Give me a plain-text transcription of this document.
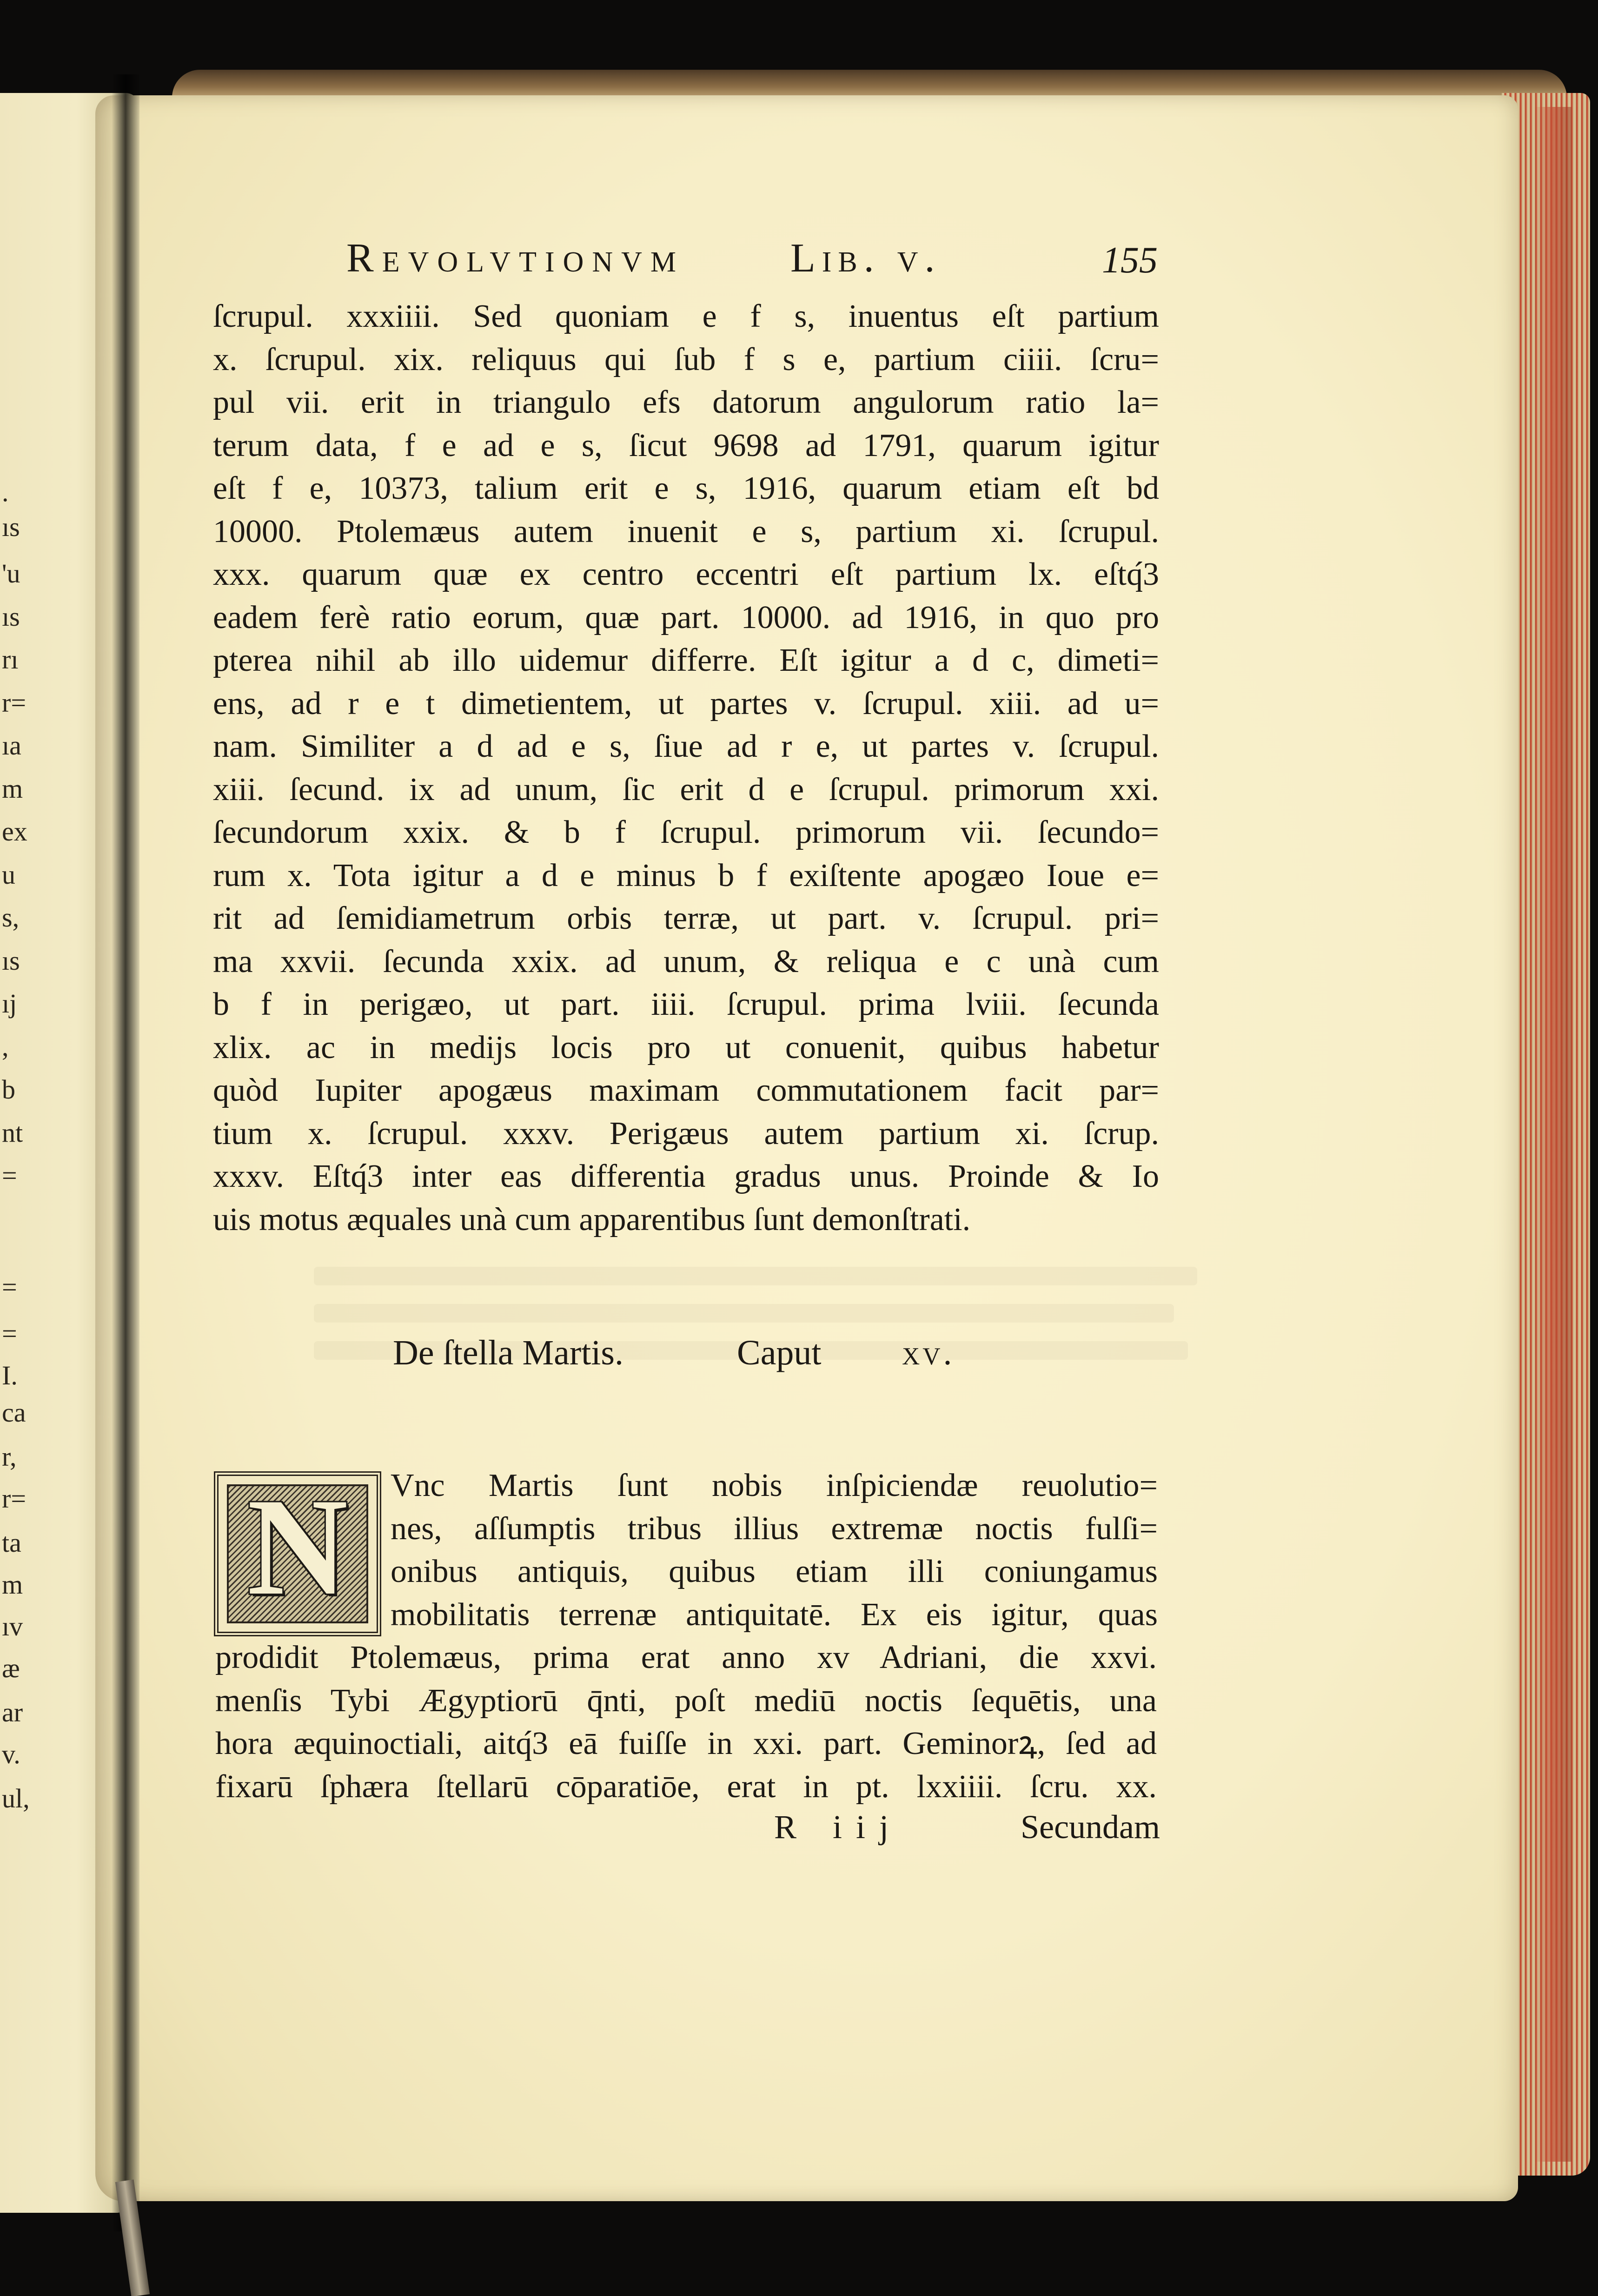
.
ıs
'u
ıs
rı
r=
ıa
m
ex
u
s,
ıs
ıj
,
b
nt
=
=
=
I.
ca
r,
r=
ta
m
ıv
æ
ar
v.
ul,
Revolvtionvm	Lib. v.	155
ſcrupul. xxxiiii. Sed quoniam e f s, inuentus eſt partium
x. ſcrupul. xix. reliquus qui ſub f s e, partium ciiii. ſcru=
pul vii. erit in triangulo efs datorum angulorum ratio la=
terum data, f e ad e s, ſicut 9698 ad 1791, quarum igitur
eſt f e, 10373, talium erit e s, 1916, quarum etiam eſt bd
10000. Ptolemæus autem inuenit e s, partium xi. ſcrupul.
xxx. quarum quæ ex centro eccentri eſt partium lx. eſtq́3
eadem ferè ratio eorum, quæ part. 10000. ad 1916, in quo pro
pterea nihil ab illo uidemur differre. Eſt igitur a d c, dimeti=
ens, ad r e t dimetientem, ut partes v. ſcrupul. xiii. ad u=
nam. Similiter a d ad e s, ſiue ad r e, ut partes v. ſcrupul.
xiii. ſecund. ix ad unum, ſic erit d e ſcrupul. primorum xxi.
ſecundorum xxix. & b f ſcrupul. primorum vii. ſecundo=
rum x. Tota igitur a d e minus b f exiſtente apogæo Ioue e=
rit ad ſemidiametrum orbis terræ, ut part. v. ſcrupul. pri=
ma xxvii. ſecunda xxix. ad unum, & reliqua e c unà cum
b f in perigæo, ut part. iiii. ſcrupul. prima lviii. ſecunda
xlix. ac in medijs locis pro ut conuenit, quibus habetur
quòd Iupiter apogæus maximam commutationem facit par=
tium x. ſcrupul. xxxv. Perigæus autem partium xi. ſcrup.
xxxv. Eſtq́3 inter eas differentia gradus unus. Proinde & Io
uis motus æquales unà cum apparentibus ſunt demonſtrati.
De ſtella Martis.	Caput xv.
N	Vnc Martis ſunt nobis inſpiciendæ reuolutio=
nes, aſſumptis tribus illius extremæ noctis fulſi=
onibus antiquis, quibus etiam illi coniungamus
mobilitatis terrenæ antiquitatē. Ex eis igitur, quas
prodidit Ptolemæus, prima erat anno xv Adriani, die xxvi.
menſis Tybi Ægyptiorū q̄nti, poſt mediū noctis ſequētis, una
hora æquinoctiali, aitq́3 eā fuiſſe in xxi. part. Geminorꝝ, ſed ad
fixarū ſphæra ſtellarū cōparatiōe, erat in pt. lxxiiii. ſcru. xx.
R iij	Secundam
